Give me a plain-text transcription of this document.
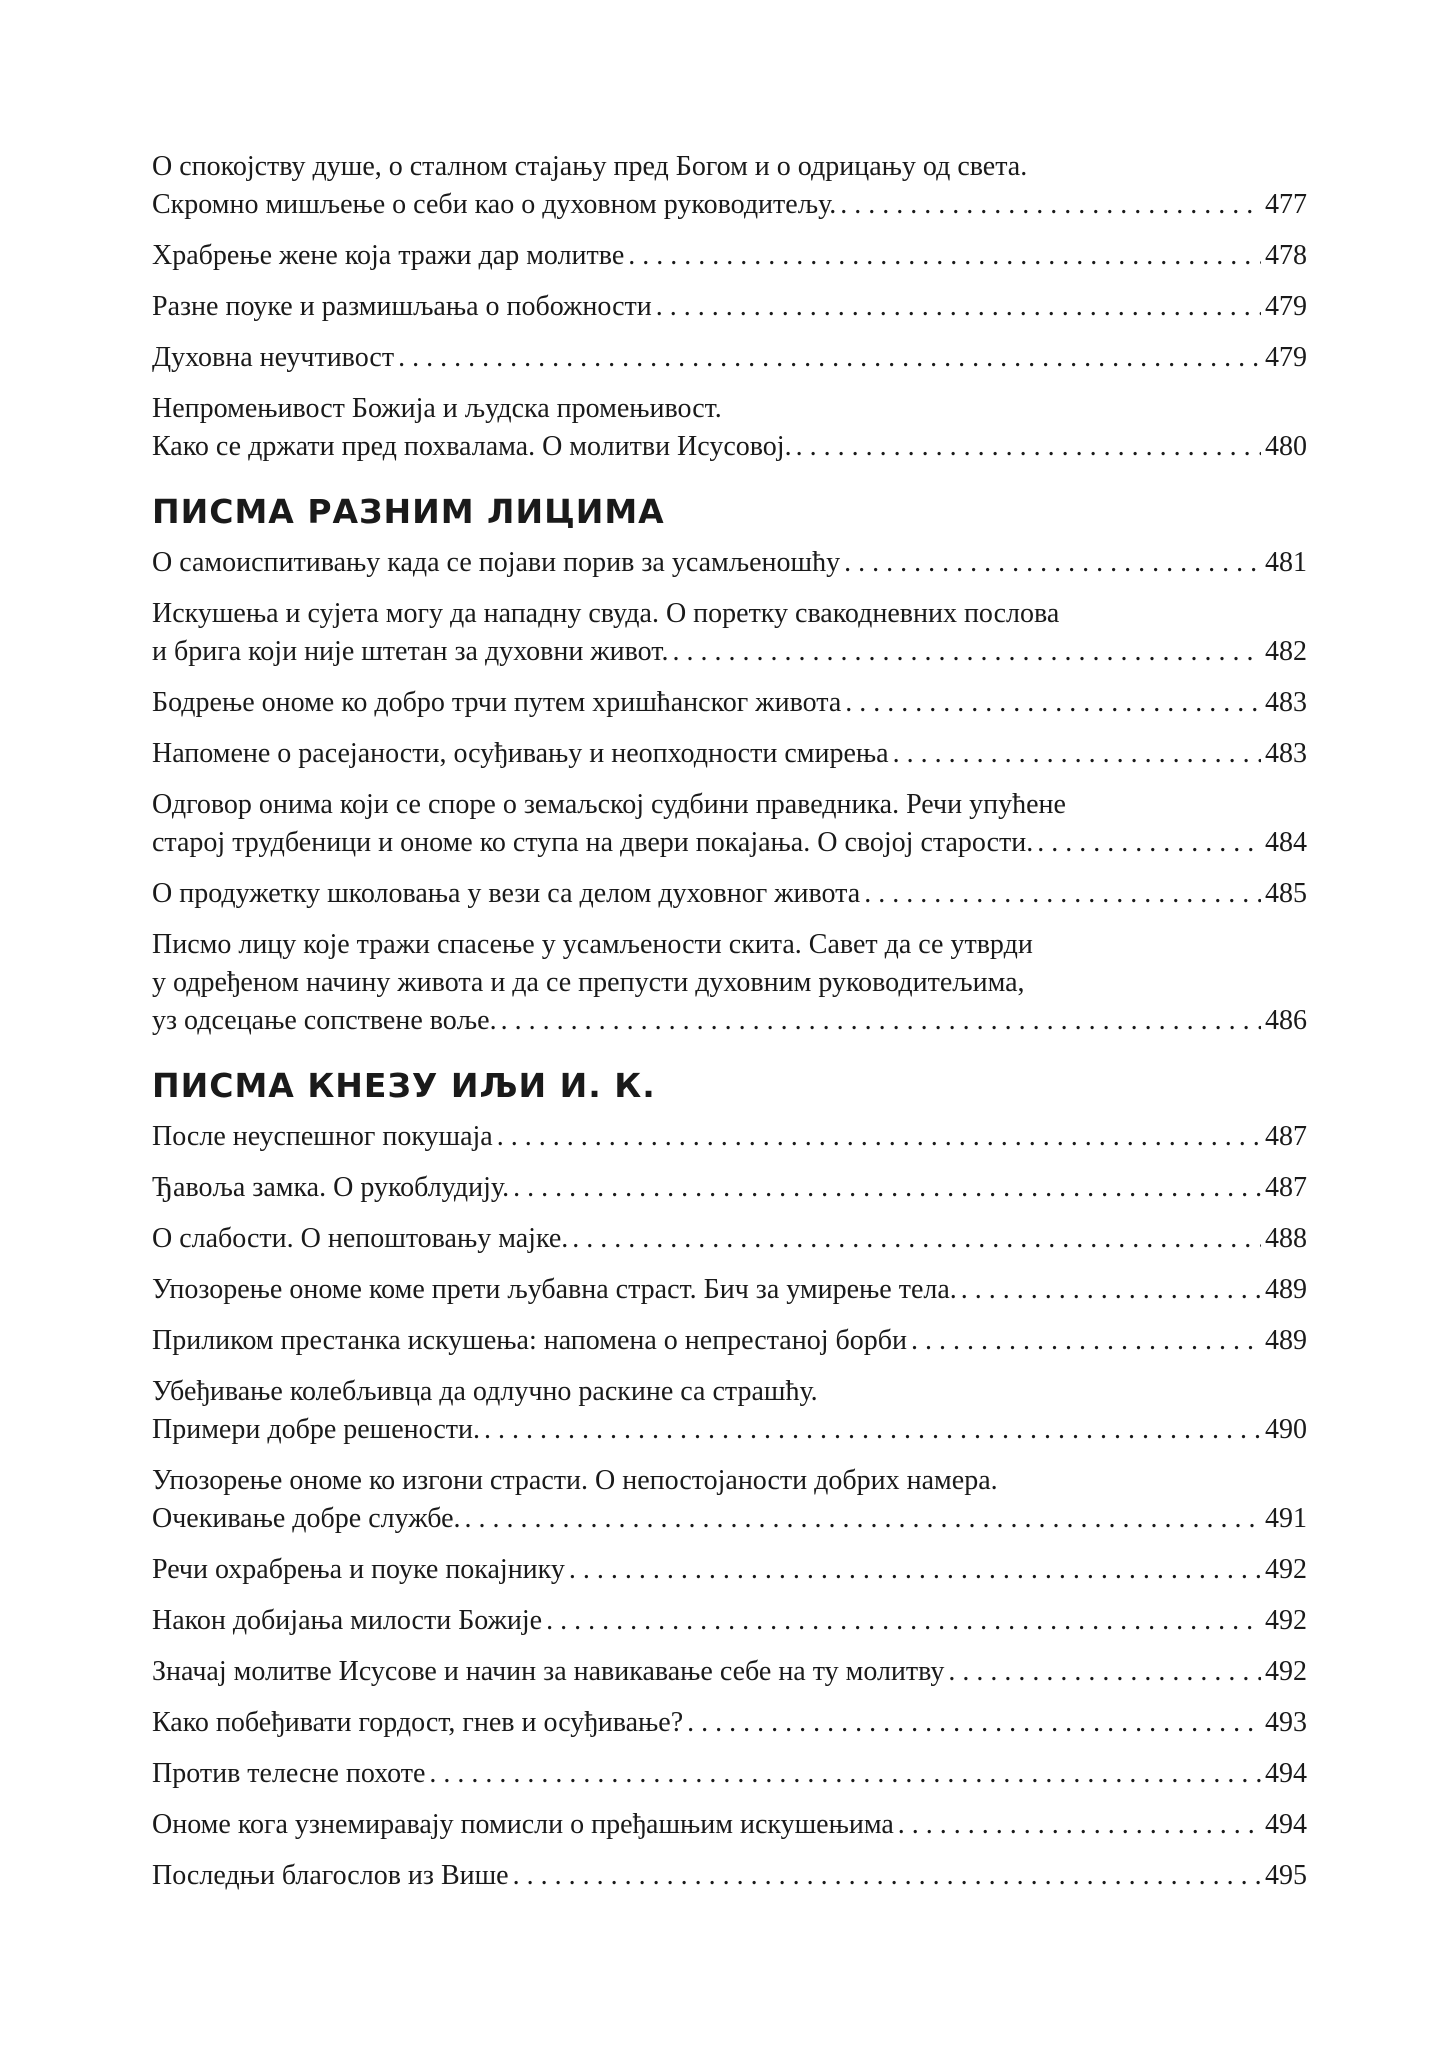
О спокојству душе, о сталном стајању пред Богом и о одрицању од света.
Скромно мишљење о себи као о духовном руководитељу. . . .	477
Храбрење жене која тражи дар молитве . . .	478
Разне поуке и размишљања о побожности . . .	479
Духовна неучтивост . . .	479
Непромењивост Божија и људска промењивост.
Како се држати пред похвалама. О молитви Исусовој. . . .	480
ПИСМА РАЗНИМ ЛИЦИМА
О самоиспитивању када се појави порив за усамљеношћу . . .	481
Искушења и сујета могу да нападну свуда. О поретку свакодневних послова
и брига који није штетан за духовни живот. . . .	482
Бодрење ономе ко добро трчи путем хришћанског живота . . .	483
Напомене о расејаности, осуђивању и неопходности смирења . . .	483
Одговор онима који се споре о земаљској судбини праведника. Речи упућене
старој трудбеници и ономе ко ступа на двери покајања. О својој старости. . . .	484
О продужетку школовања у вези са делом духовног живота . . .	485
Писмо лицу које тражи спасење у усамљености скита. Савет да се утврди
у одређеном начину живота и да се препусти духовним руководитељима,
уз одсецање сопствене воље. . . .	486
ПИСМА КНЕЗУ ИЉИ И. К.
После неуспешног покушаја . . .	487
Ђавоља замка. О рукоблудију. . . .	487
О слабости. О непоштовању мајке. . . .	488
Упозорење ономе коме прети љубавна страст. Бич за умирење тела. . . .	489
Приликом престанка искушења: напомена о непрестаној борби . . .	489
Убеђивање колебљивца да одлучно раскине са страшћу.
Примери добре решености. . . .	490
Упозорење ономе ко изгони страсти. О непостојаности добрих намера.
Очекивање добре службе. . . .	491
Речи охрабрења и поуке покајнику . . .	492
Након добијања милости Божије . . .	492
Значај молитве Исусове и начин за навикавање себе на ту молитву . . .	492
Како побеђивати гордост, гнев и осуђивање? . . .	493
Против телесне похоте . . .	494
Ономе кога узнемиравају помисли о пређашњим искушењима . . .	494
Последњи благослов из Више . . .	495
